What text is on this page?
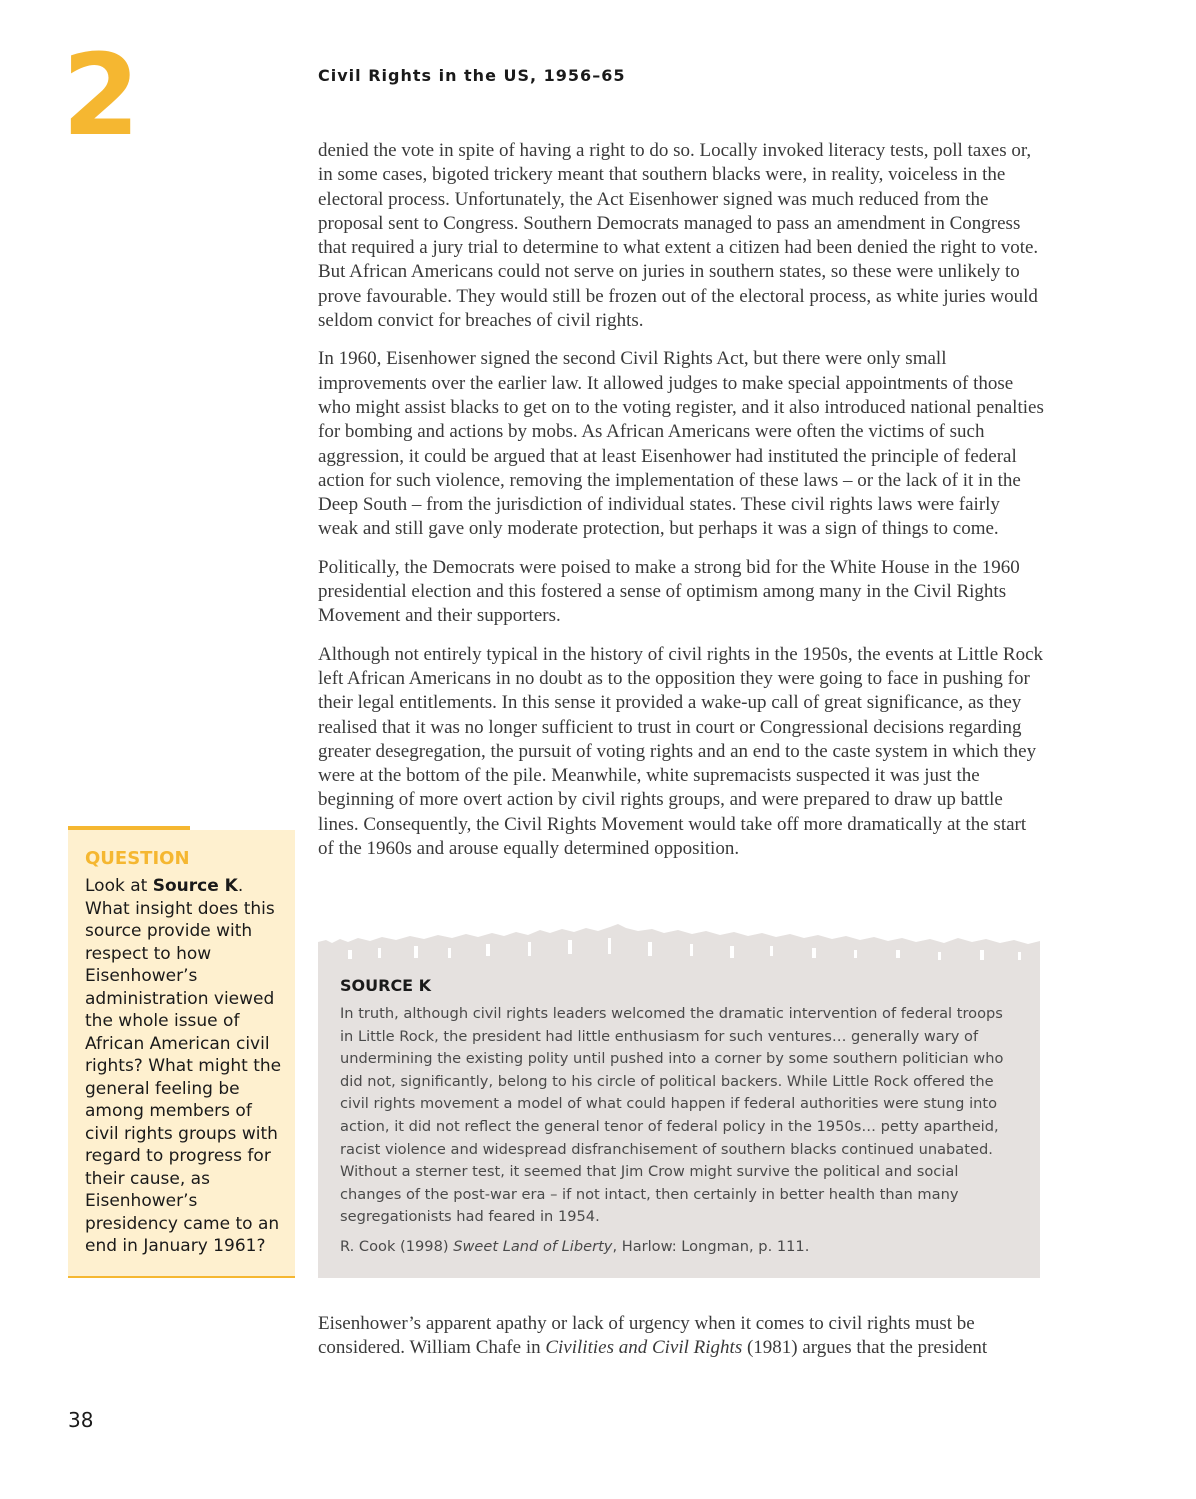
2	Civil Rights in the US, 1956–65

denied the vote in spite of having a right to do so. Locally invoked literacy tests, poll taxes or, in some cases, bigoted trickery meant that southern blacks were, in reality, voiceless in the electoral process. Unfortunately, the Act Eisenhower signed was much reduced from the proposal sent to Congress. Southern Democrats managed to pass an amendment in Congress that required a jury trial to determine to what extent a citizen had been denied the right to vote. But African Americans could not serve on juries in southern states, so these were unlikely to prove favourable. They would still be frozen out of the electoral process, as white juries would seldom convict for breaches of civil rights.

In 1960, Eisenhower signed the second Civil Rights Act, but there were only small improvements over the earlier law. It allowed judges to make special appointments of those who might assist blacks to get on to the voting register, and it also introduced national penalties for bombing and actions by mobs. As African Americans were often the victims of such aggression, it could be argued that at least Eisenhower had instituted the principle of federal action for such violence, removing the implementation of these laws – or the lack of it in the Deep South – from the jurisdiction of individual states. These civil rights laws were fairly weak and still gave only moderate protection, but perhaps it was a sign of things to come.

Politically, the Democrats were poised to make a strong bid for the White House in the 1960 presidential election and this fostered a sense of optimism among many in the Civil Rights Movement and their supporters.

Although not entirely typical in the history of civil rights in the 1950s, the events at Little Rock left African Americans in no doubt as to the opposition they were going to face in pushing for their legal entitlements. In this sense it provided a wake-up call of great significance, as they realised that it was no longer sufficient to trust in court or Congressional decisions regarding greater desegregation, the pursuit of voting rights and an end to the caste system in which they were at the bottom of the pile. Meanwhile, white supremacists suspected it was just the beginning of more overt action by civil rights groups, and were prepared to draw up battle lines. Consequently, the Civil Rights Movement would take off more dramatically at the start of the 1960s and arouse equally determined opposition.

QUESTION
Look at Source K. What insight does this source provide with respect to how Eisenhower’s administration viewed the whole issue of African American civil rights? What might the general feeling be among members of civil rights groups with regard to progress for their cause, as Eisenhower’s presidency came to an end in January 1961?
SOURCE K
In truth, although civil rights leaders welcomed the dramatic intervention of federal troops in Little Rock, the president had little enthusiasm for such ventures… generally wary of undermining the existing polity until pushed into a corner by some southern politician who did not, significantly, belong to his circle of political backers. While Little Rock offered the civil rights movement a model of what could happen if federal authorities were stung into action, it did not reflect the general tenor of federal policy in the 1950s… petty apartheid, racist violence and widespread disfranchisement of southern blacks continued unabated. Without a sterner test, it seemed that Jim Crow might survive the political and social changes of the post-war era – if not intact, then certainly in better health than many segregationists had feared in 1954.
R. Cook (1998) Sweet Land of Liberty, Harlow: Longman, p. 111.

Eisenhower’s apparent apathy or lack of urgency when it comes to civil rights must be considered. William Chafe in Civilities and Civil Rights (1981) argues that the president

38
